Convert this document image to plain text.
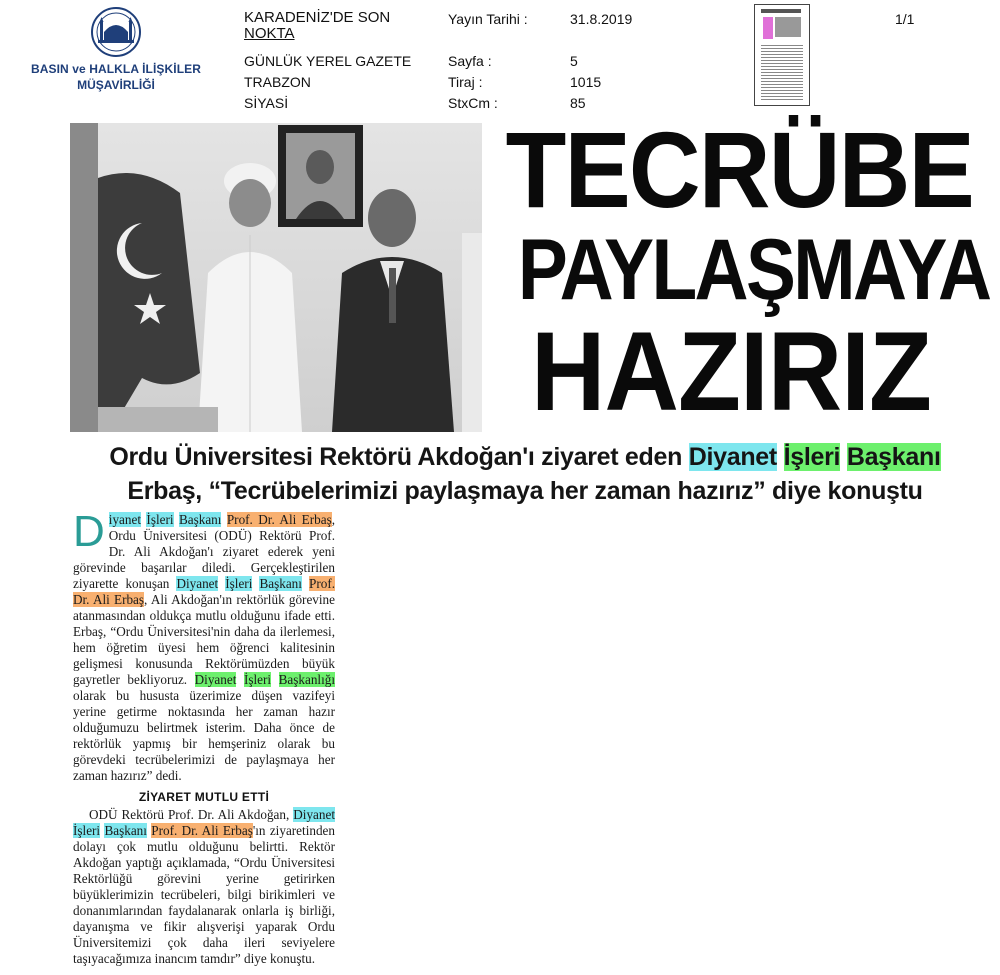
BASIN ve HALKLA İLİŞKİLER
MÜŞAVİRLİĞİ
KARADENİZ'DE SON
NOKTA
GÜNLÜK YEREL GAZETE
TRABZON
SİYASİ
Yayın Tarihi :	31.8.2019
Sayfa :	5
Tiraj :	1015
StxCm :	85
1/1
TECRÜBE
PAYLAŞMAYA
HAZIRIZ
Ordu Üniversitesi Rektörü Akdoğan'ı ziyaret eden Diyanet İşleri Başkanı
Erbaş, “Tecrübelerimizi paylaşmaya her zaman hazırız” diye konuştu

Diyanet İşleri Başkanı Prof. Dr. Ali Erbaş, Ordu Üniversitesi (ODÜ) Rektörü Prof. Dr. Ali Akdoğan'ı ziyaret ederek yeni görevinde başarılar diledi. Gerçekleştirilen ziyarette konuşan Diyanet İşleri Başkanı Prof. Dr. Ali Erbaş, Ali Akdoğan'ın rektörlük görevine atanmasından oldukça mutlu olduğunu ifade etti. Erbaş, “Ordu Üniversitesi'nin daha da ilerlemesi, hem öğretim üyesi hem öğrenci kalitesinin gelişmesi konusunda Rektörümüzden büyük gayretler bekliyoruz. Diyanet İşleri Başkanlığı olarak bu hususta üzerimize düşen vazifeyi yerine getirme noktasında her zaman hazır olduğumuzu belirtmek isterim. Daha önce de rektörlük yapmış bir hemşeriniz olarak bu görevdeki tecrübelerimizi de paylaşmaya her zaman hazırız” dedi.

ZİYARET MUTLU ETTİ

ODÜ Rektörü Prof. Dr. Ali Akdoğan, Diyanet İşleri Başkanı Prof. Dr. Ali Erbaş'ın ziyaretinden dolayı çok mutlu olduğunu belirtti. Rektör Akdoğan yaptığı açıklamada, “Ordu Üniversitesi Rektörlüğü görevini yerine getirirken büyüklerimizin tecrübeleri, bilgi birikimleri ve donanımlarından faydalanarak onlarla iş birliği, dayanışma ve fikir alışverişi yaparak Ordu Üniversitemizi çok daha ileri seviyelere taşıyacağımıza inancım tamdır” diye konuştu.
